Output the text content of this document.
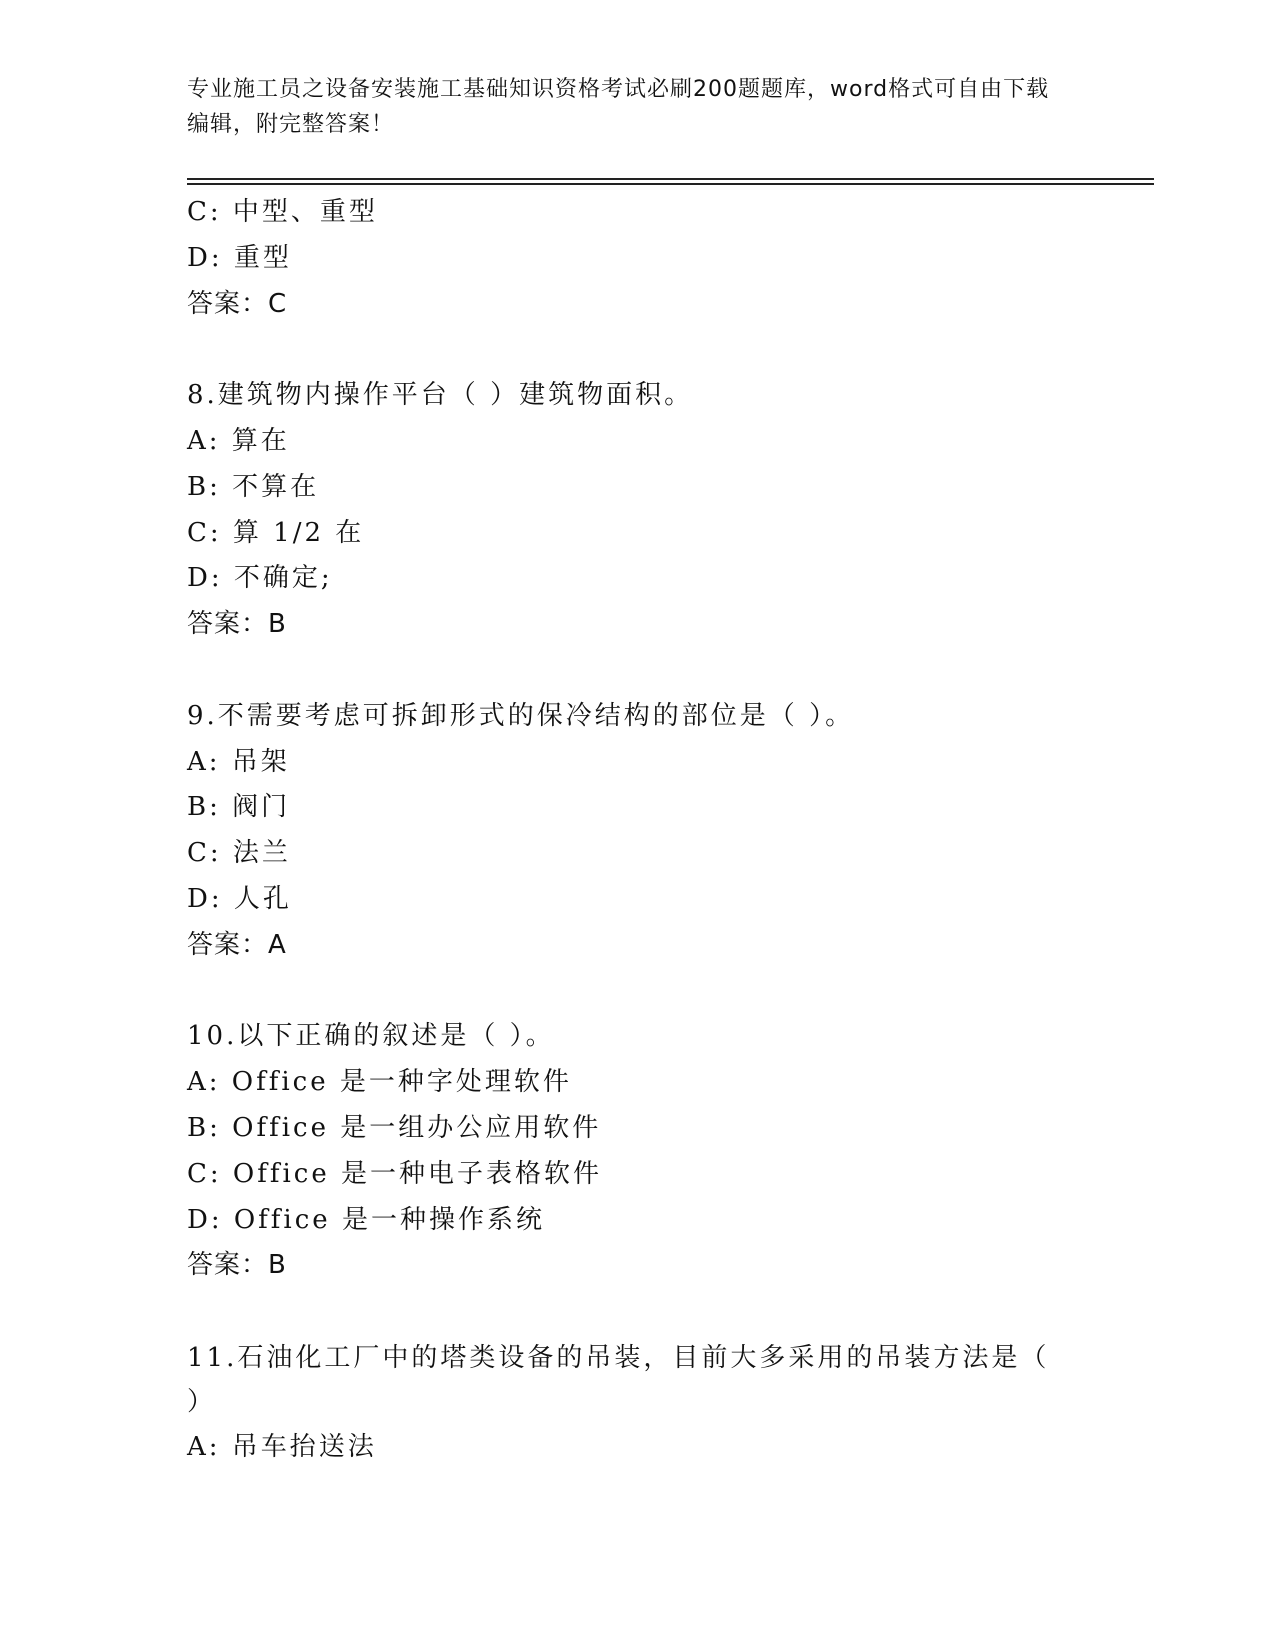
专业施工员之设备安装施工基础知识资格考试必刷200题题库，word格式可自由下载编辑，附完整答案！
C: 中型、重型
D: 重型
答案：C
8.建筑物内操作平台（ ）建筑物面积。
A: 算在
B: 不算在
C: 算 1/2 在
D: 不确定;
答案：B
9.不需要考虑可拆卸形式的保冷结构的部位是（ ）。
A: 吊架
B: 阀门
C: 法兰
D: 人孔
答案：A
10.以下正确的叙述是（ ）。
A: Office 是一种字处理软件
B: Office 是一组办公应用软件
C: Office 是一种电子表格软件
D: Office 是一种操作系统
答案：B
11.石油化工厂中的塔类设备的吊装，目前大多采用的吊装方法是（ ）
A: 吊车抬送法
